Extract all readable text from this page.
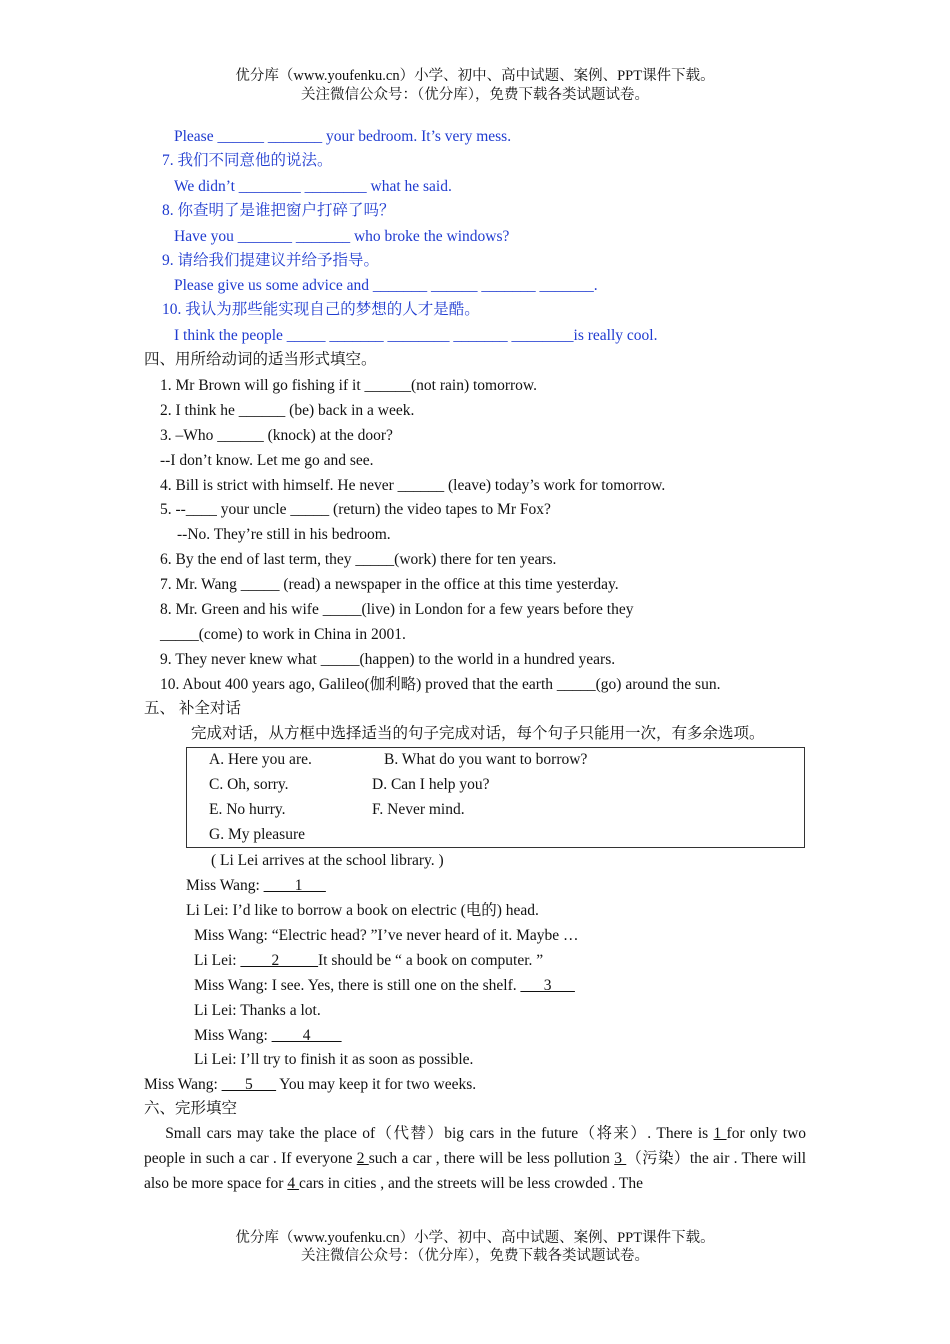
优分库（www.youfenku.cn）小学、初中、高中试题、案例、PPT课件下载。
关注微信公众号：（优分库），免费下载各类试题试卷。
Please ______ _______ your bedroom. It’s very mess.
7. 我们不同意他的说法。
We didn’t ________ ________ what he said.
8. 你查明了是谁把窗户打碎了吗？
Have you _______ _______ who broke the windows?
9. 请给我们提建议并给予指导。
Please give us some advice and _______ ______ _______ _______.
10. 我认为那些能实现自己的梦想的人才是酷。
I think the people _____ _______ ________ _______ ________is really cool.
四、用所给动词的适当形式填空。
1. Mr Brown will go fishing if it ______(not rain) tomorrow.
2. I think he ______ (be) back in a week.
3. –Who ______ (knock) at the door?
--I don’t know. Let me go and see.
4. Bill is strict with himself. He never ______ (leave) today’s work for tomorrow.
5. --____ your uncle _____ (return) the video tapes to Mr Fox?
--No. They’re still in his bedroom.
6. By the end of last term, they _____(work) there for ten years.
7. Mr. Wang _____ (read) a newspaper in the office at this time yesterday.
8. Mr. Green and his wife _____(live) in London for a few years before they
_____(come) to work in China in 2001.
9. They never knew what _____(happen) to the world in a hundred years.
10. About 400 years ago, Galileo(伽利略) proved that the earth _____(go) around the sun.
五、 补全对话
完成对话，从方框中选择适当的句子完成对话，每个句子只能用一次，有多余选项。
A. Here you are.	B. What do you want to borrow?
C. Oh, sorry.	D. Can I help you?
E. No hurry.	F. Never mind.
G. My pleasure
( Li Lei arrives at the school library. )
Miss Wang: ____1___
Li Lei: I’d like to borrow a book on electric (电的) head.
Miss Wang: “Electric head? ”I’ve never heard of it. Maybe …
Li Lei: ____2_____It should be “ a book on computer. ”
Miss Wang: I see. Yes, there is still one on the shelf. ___3___
Li Lei: Thanks a lot.
Miss Wang: ____4____
Li Lei: I’ll try to finish it as soon as possible.
Miss Wang: ___5___ You may keep it for two weeks.
六、完形填空
Small cars may take the place of（代替）big cars in the future（将来）. There is 1 for only two people in such a car . If everyone 2 such a car , there will be less pollution 3 （污染）the air . There will also be more space for 4 cars in cities , and the streets will be less crowded . The
优分库（www.youfenku.cn）小学、初中、高中试题、案例、PPT课件下载。
关注微信公众号：（优分库），免费下载各类试题试卷。
